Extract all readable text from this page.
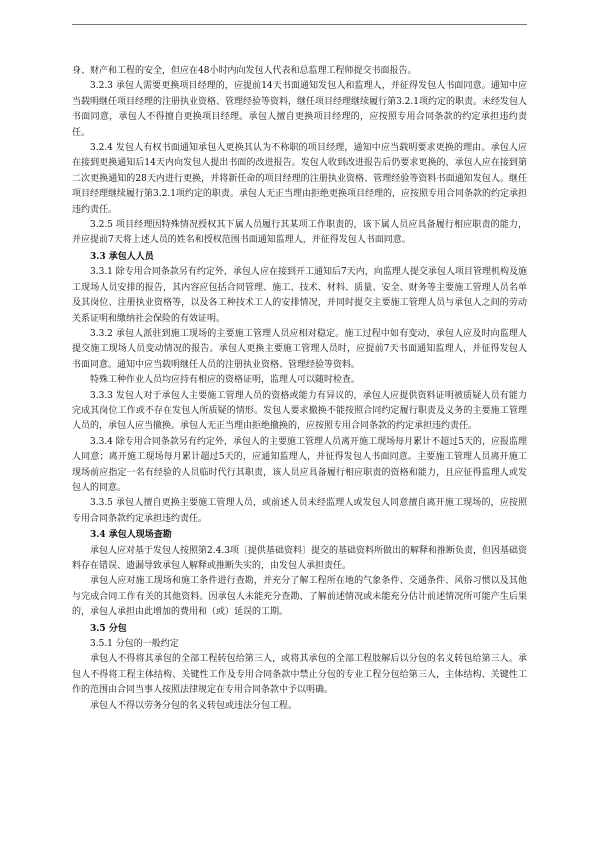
身、财产和工程的安全，但应在48小时内向发包人代表和总监理工程师提交书面报告。

3.2.3 承包人需要更换项目经理的，应提前14天书面通知发包人和监理人，并征得发包人书面同意。通知中应当载明继任项目经理的注册执业资格、管理经验等资料，继任项目经理继续履行第3.2.1项约定的职责。未经发包人书面同意，承包人不得擅自更换项目经理。承包人擅自更换项目经理的，应按照专用合同条款的约定承担违约责任。

3.2.4 发包人有权书面通知承包人更换其认为不称职的项目经理，通知中应当载明要求更换的理由。承包人应在接到更换通知后14天内向发包人提出书面的改进报告。发包人收到改进报告后仍要求更换的，承包人应在接到第二次更换通知的28天内进行更换，并将新任命的项目经理的注册执业资格、管理经验等资料书面通知发包人。继任项目经理继续履行第3.2.1项约定的职责。承包人无正当理由拒绝更换项目经理的，应按照专用合同条款的约定承担违约责任。

3.2.5 项目经理因特殊情况授权其下属人员履行其某项工作职责的，该下属人员应具备履行相应职责的能力，并应提前7天将上述人员的姓名和授权范围书面通知监理人，并征得发包人书面同意。

3.3 承包人人员

3.3.1 除专用合同条款另有约定外，承包人应在接到开工通知后7天内，向监理人提交承包人项目管理机构及施工现场人员安排的报告，其内容应包括合同管理、施工、技术、材料、质量、安全、财务等主要施工管理人员名单及其岗位、注册执业资格等，以及各工种技术工人的安排情况，并同时提交主要施工管理人员与承包人之间的劳动关系证明和缴纳社会保险的有效证明。

3.3.2 承包人派驻到施工现场的主要施工管理人员应相对稳定。施工过程中如有变动，承包人应及时向监理人提交施工现场人员变动情况的报告。承包人更换主要施工管理人员时，应提前7天书面通知监理人，并征得发包人书面同意。通知中应当载明继任人员的注册执业资格、管理经验等资料。

特殊工种作业人员均应持有相应的资格证明，监理人可以随时检查。

3.3.3 发包人对于承包人主要施工管理人员的资格或能力有异议的，承包人应提供资料证明被质疑人员有能力完成其岗位工作或不存在发包人所质疑的情形。发包人要求撤换不能按照合同约定履行职责及义务的主要施工管理人员的，承包人应当撤换。承包人无正当理由拒绝撤换的，应按照专用合同条款的约定承担违约责任。

3.3.4 除专用合同条款另有约定外，承包人的主要施工管理人员离开施工现场每月累计不超过5天的，应报监理人同意；离开施工现场每月累计超过5天的，应通知监理人，并征得发包人书面同意。主要施工管理人员离开施工现场前应指定一名有经验的人员临时代行其职责，该人员应具备履行相应职责的资格和能力，且应征得监理人或发包人的同意。

3.3.5 承包人擅自更换主要施工管理人员，或前述人员未经监理人或发包人同意擅自离开施工现场的，应按照专用合同条款约定承担违约责任。

3.4 承包人现场查勘

承包人应对基于发包人按照第2.4.3项〔提供基础资料〕提交的基础资料所做出的解释和推断负责，但因基础资料存在错误、遗漏导致承包人解释或推断失实的，由发包人承担责任。

承包人应对施工现场和施工条件进行查勘，并充分了解工程所在地的气象条件、交通条件、风俗习惯以及其他与完成合同工作有关的其他资料。因承包人未能充分查勘、了解前述情况或未能充分估计前述情况所可能产生后果的，承包人承担由此增加的费用和（或）延误的工期。

3.5 分包

3.5.1 分包的一般约定

承包人不得将其承包的全部工程转包给第三人，或将其承包的全部工程肢解后以分包的名义转包给第三人。承包人不得将工程主体结构、关键性工作及专用合同条款中禁止分包的专业工程分包给第三人，主体结构、关键性工作的范围由合同当事人按照法律规定在专用合同条款中予以明确。

承包人不得以劳务分包的名义转包或违法分包工程。
